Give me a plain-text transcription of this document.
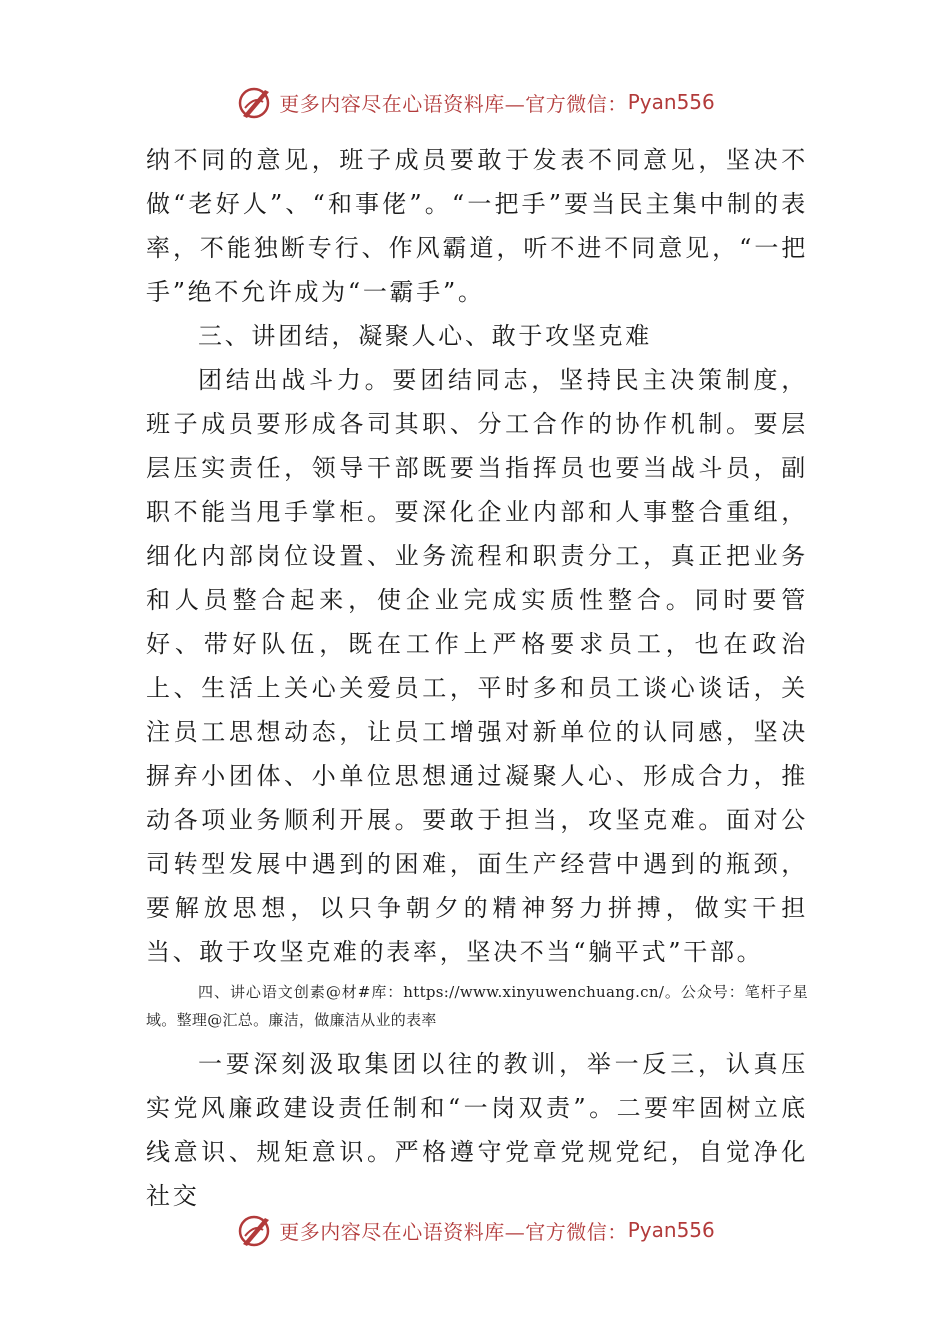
更多内容尽在心语资料库—官方微信： Pyan556

纳不同的意见，班子成员要敢于发表不同意见，坚决不做“老好人”、“和事佬”。“一把手”要当民主集中制的表率，不能独断专行、作风霸道，听不进不同意见，“一把手”绝不允许成为“一霸手”。

三、讲团结，凝聚人心、敢于攻坚克难

团结出战斗力。要团结同志，坚持民主决策制度，班子成员要形成各司其职、分工合作的协作机制。要层层压实责任，领导干部既要当指挥员也要当战斗员，副职不能当甩手掌柜。要深化企业内部和人事整合重组，细化内部岗位设置、业务流程和职责分工，真正把业务和人员整合起来，使企业完成实质性整合。同时要管好、带好队伍，既在工作上严格要求员工，也在政治上、生活上关心关爱员工，平时多和员工谈心谈话，关注员工思想动态，让员工增强对新单位的认同感，坚决摒弃小团体、小单位思想通过凝聚人心、形成合力，推动各项业务顺利开展。要敢于担当，攻坚克难。面对公司转型发展中遇到的困难，面生产经营中遇到的瓶颈，要解放思想，以只争朝夕的精神努力拼搏，做实干担当、敢于攻坚克难的表率，坚决不当“躺平式”干部。

四、讲心语文创素@材#库：https://www.xinyuwenchuang.cn/。公众号：笔杆子星域。整理@汇总。廉洁，做廉洁从业的表率

一要深刻汲取集团以往的教训，举一反三，认真压实党风廉政建设责任制和“一岗双责”。二要牢固树立底线意识、规矩意识。严格遵守党章党规党纪，自觉净化社交

更多内容尽在心语资料库—官方微信： Pyan556
